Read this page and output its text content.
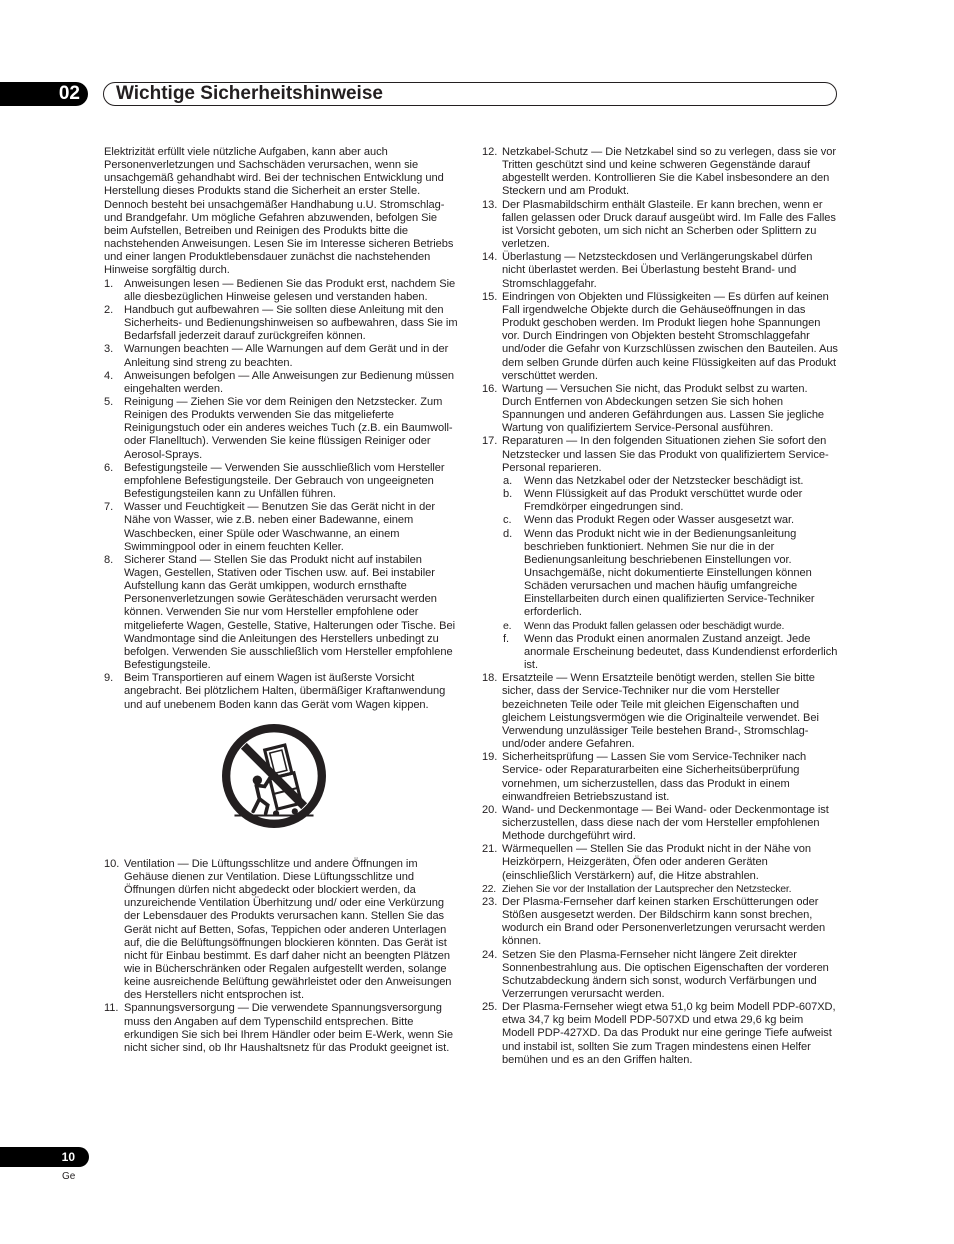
02	Wichtige Sicherheitshinweise

Elektrizität erfüllt viele nützliche Aufgaben, kann aber auch Personenverletzungen und Sachschäden verursachen, wenn sie unsachgemäß gehandhabt wird. Bei der technischen Entwicklung und Herstellung dieses Produkts stand die Sicherheit an erster Stelle. Dennoch besteht bei unsachgemäßer Handhabung u.U. Stromschlag- und Brandgefahr. Um mögliche Gefahren abzuwenden, befolgen Sie beim Aufstellen, Betreiben und Reinigen des Produkts bitte die nachstehenden Anweisungen. Lesen Sie im Interesse sicheren Betriebs und einer langen Produktlebensdauer zunächst die nachstehenden Hinweise sorgfältig durch.

1. Anweisungen lesen — Bedienen Sie das Produkt erst, nachdem Sie alle diesbezüglichen Hinweise gelesen und verstanden haben.
2. Handbuch gut aufbewahren — Sie sollten diese Anleitung mit den Sicherheits- und Bedienungshinweisen so aufbewahren, dass Sie im Bedarfsfall jederzeit darauf zurückgreifen können.
3. Warnungen beachten — Alle Warnungen auf dem Gerät und in der Anleitung sind streng zu beachten.
4. Anweisungen befolgen — Alle Anweisungen zur Bedienung müssen eingehalten werden.
5. Reinigung — Ziehen Sie vor dem Reinigen den Netzstecker. Zum Reinigen des Produkts verwenden Sie das mitgelieferte Reinigungstuch oder ein anderes weiches Tuch (z.B. ein Baumwoll- oder Flanelltuch). Verwenden Sie keine flüssigen Reiniger oder Aerosol-Sprays.
6. Befestigungsteile — Verwenden Sie ausschließlich vom Hersteller empfohlene Befestigungsteile. Der Gebrauch von ungeeigneten Befestigungsteilen kann zu Unfällen führen.
7. Wasser und Feuchtigkeit — Benutzen Sie das Gerät nicht in der Nähe von Wasser, wie z.B. neben einer Badewanne, einem Waschbecken, einer Spüle oder Waschwanne, an einem Swimmingpool oder in einem feuchten Keller.
8. Sicherer Stand — Stellen Sie das Produkt nicht auf instabilen Wagen, Gestellen, Stativen oder Tischen usw. auf. Bei instabiler Aufstellung kann das Gerät umkippen, wodurch ernsthafte Personenverletzungen sowie Geräteschäden verursacht werden können. Verwenden Sie nur vom Hersteller empfohlene oder mitgelieferte Wagen, Gestelle, Stative, Halterungen oder Tische. Bei Wandmontage sind die Anleitungen des Herstellers unbedingt zu befolgen. Verwenden Sie ausschließlich vom Hersteller empfohlene Befestigungsteile.
9. Beim Transportieren auf einem Wagen ist äußerste Vorsicht angebracht. Bei plötzlichem Halten, übermäßiger Kraftanwendung und auf unebenem Boden kann das Gerät vom Wagen kippen.
10. Ventilation — Die Lüftungsschlitze und andere Öffnungen im Gehäuse dienen zur Ventilation. Diese Lüftungsschlitze und Öffnungen dürfen nicht abgedeckt oder blockiert werden, da unzureichende Ventilation Überhitzung und/ oder eine Verkürzung der Lebensdauer des Produkts verursachen kann. Stellen Sie das Gerät nicht auf Betten, Sofas, Teppichen oder anderen Unterlagen auf, die die Belüftungsöffnungen blockieren könnten. Das Gerät ist nicht für Einbau bestimmt. Es darf daher nicht an beengten Plätzen wie in Bücherschränken oder Regalen aufgestellt werden, solange keine ausreichende Belüftung gewährleistet oder den Anweisungen des Herstellers nicht entsprochen ist.
11. Spannungsversorgung — Die verwendete Spannungsversorgung muss den Angaben auf dem Typenschild entsprechen. Bitte erkundigen Sie sich bei Ihrem Händler oder beim E-Werk, wenn Sie nicht sicher sind, ob Ihr Haushaltsnetz für das Produkt geeignet ist.
12. Netzkabel-Schutz — Die Netzkabel sind so zu verlegen, dass sie vor Tritten geschützt sind und keine schweren Gegenstände darauf abgestellt werden. Kontrollieren Sie die Kabel insbesondere an den Steckern und am Produkt.
13. Der Plasmabildschirm enthält Glasteile. Er kann brechen, wenn er fallen gelassen oder Druck darauf ausgeübt wird. Im Falle des Falles ist Vorsicht geboten, um sich nicht an Scherben oder Splittern zu verletzen.
14. Überlastung — Netzsteckdosen und Verlängerungskabel dürfen nicht überlastet werden. Bei Überlastung besteht Brand- und Stromschlaggefahr.
15. Eindringen von Objekten und Flüssigkeiten — Es dürfen auf keinen Fall irgendwelche Objekte durch die Gehäuseöffnungen in das Produkt geschoben werden. Im Produkt liegen hohe Spannungen vor. Durch Eindringen von Objekten besteht Stromschlaggefahr und/oder die Gefahr von Kurzschlüssen zwischen den Bauteilen. Aus dem selben Grunde dürfen auch keine Flüssigkeiten auf das Produkt verschüttet werden.
16. Wartung — Versuchen Sie nicht, das Produkt selbst zu warten. Durch Entfernen von Abdeckungen setzen Sie sich hohen Spannungen und anderen Gefährdungen aus. Lassen Sie jegliche Wartung von qualifiziertem Service-Personal ausführen.
17. Reparaturen — In den folgenden Situationen ziehen Sie sofort den Netzstecker und lassen Sie das Produkt von qualifiziertem Service-Personal reparieren.
a. Wenn das Netzkabel oder der Netzstecker beschädigt ist.
b. Wenn Flüssigkeit auf das Produkt verschüttet wurde oder Fremdkörper eingedrungen sind.
c. Wenn das Produkt Regen oder Wasser ausgesetzt war.
d. Wenn das Produkt nicht wie in der Bedienungsanleitung beschrieben funktioniert. Nehmen Sie nur die in der Bedienungsanleitung beschriebenen Einstellungen vor. Unsachgemäße, nicht dokumentierte Einstellungen können Schäden verursachen und machen häufig umfangreiche Einstellarbeiten durch einen qualifizierten Service-Techniker erforderlich.
e. Wenn das Produkt fallen gelassen oder beschädigt wurde.
f. Wenn das Produkt einen anormalen Zustand anzeigt. Jede anormale Erscheinung bedeutet, dass Kundendienst erforderlich ist.
18. Ersatzteile — Wenn Ersatzteile benötigt werden, stellen Sie bitte sicher, dass der Service-Techniker nur die vom Hersteller bezeichneten Teile oder Teile mit gleichen Eigenschaften und gleichem Leistungsvermögen wie die Originalteile verwendet. Bei Verwendung unzulässiger Teile bestehen Brand-, Stromschlag- und/oder andere Gefahren.
19. Sicherheitsprüfung — Lassen Sie vom Service-Techniker nach Service- oder Reparaturarbeiten eine Sicherheitsüberprüfung vornehmen, um sicherzustellen, dass das Produkt in einem einwandfreien Betriebszustand ist.
20. Wand- und Deckenmontage — Bei Wand- oder Deckenmontage ist sicherzustellen, dass diese nach der vom Hersteller empfohlenen Methode durchgeführt wird.
21. Wärmequellen — Stellen Sie das Produkt nicht in der Nähe von Heizkörpern, Heizgeräten, Öfen oder anderen Geräten (einschließlich Verstärkern) auf, die Hitze abstrahlen.
22. Ziehen Sie vor der Installation der Lautsprecher den Netzstecker.
23. Der Plasma-Fernseher darf keinen starken Erschütterungen oder Stößen ausgesetzt werden. Der Bildschirm kann sonst brechen, wodurch ein Brand oder Personenverletzungen verursacht werden können.
24. Setzen Sie den Plasma-Fernseher nicht längere Zeit direkter Sonnenbestrahlung aus. Die optischen Eigenschaften der vorderen Schutzabdeckung ändern sich sonst, wodurch Verfärbungen und Verzerrungen verursacht werden.
25. Der Plasma-Fernseher wiegt etwa 51,0 kg beim Modell PDP-607XD, etwa 34,7 kg beim Modell PDP-507XD und etwa 29,6 kg beim Modell PDP-427XD. Da das Produkt nur eine geringe Tiefe aufweist und instabil ist, sollten Sie zum Tragen mindestens einen Helfer bemühen und es an den Griffen halten.
10
Ge
